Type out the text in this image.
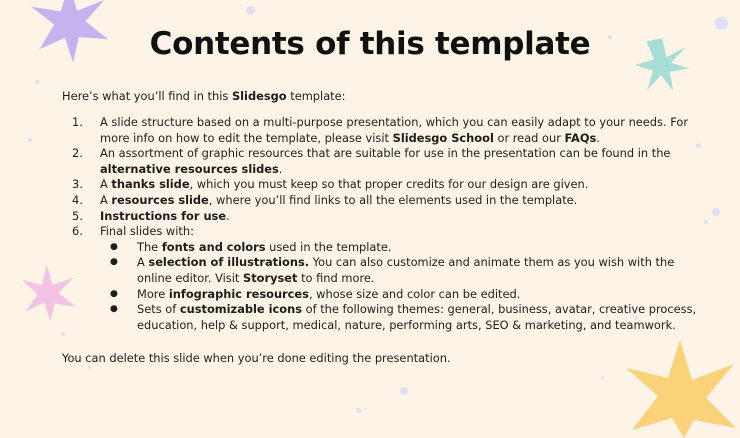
Contents of this template
Here’s what you’ll find in this Slidesgo template:
1. A slide structure based on a multi-purpose presentation, which you can easily adapt to your needs. For more info on how to edit the template, please visit Slidesgo School or read our FAQs.
2. An assortment of graphic resources that are suitable for use in the presentation can be found in the alternative resources slides.
3. A thanks slide, which you must keep so that proper credits for our design are given.
4. A resources slide, where you’ll find links to all the elements used in the template.
5. Instructions for use.
6. Final slides with:
● The fonts and colors used in the template.
● A selection of illustrations. You can also customize and animate them as you wish with the online editor. Visit Storyset to find more.
● More infographic resources, whose size and color can be edited.
● Sets of customizable icons of the following themes: general, business, avatar, creative process, education, help & support, medical, nature, performing arts, SEO & marketing, and teamwork.
You can delete this slide when you’re done editing the presentation.
